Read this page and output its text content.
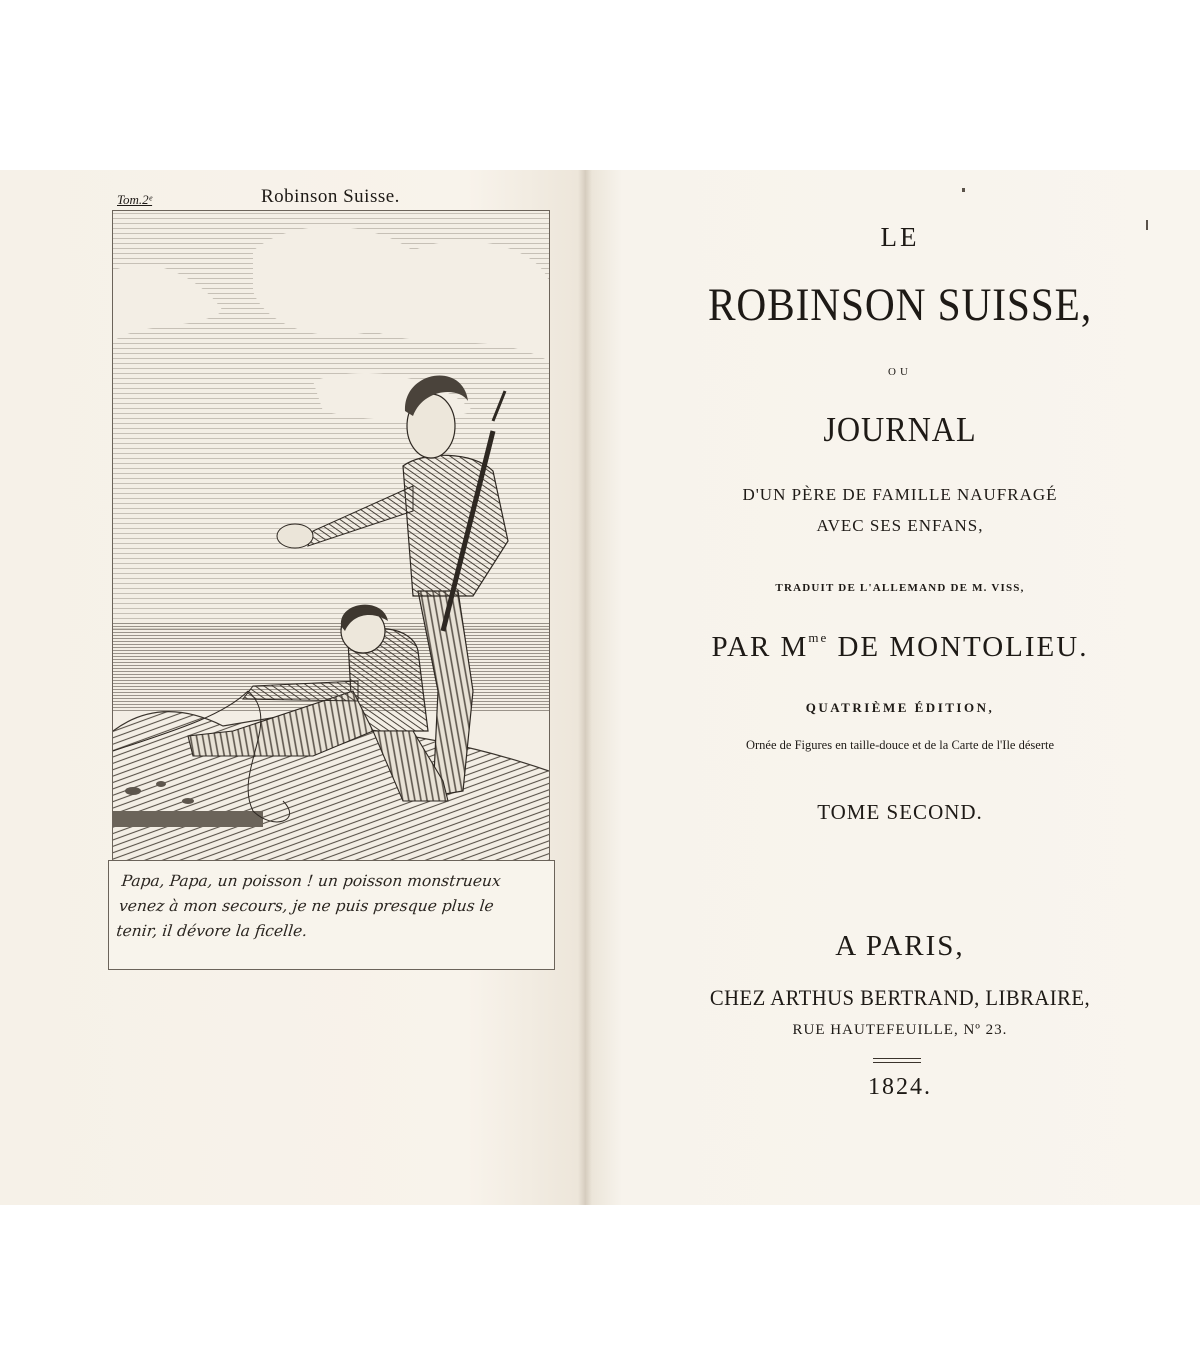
Tom.2ᵉ	Robinson Suisse.
Papa, Papa, un poisson ! un poisson monstrueux
venez à mon secours, je ne puis presque plus le
tenir, il dévore la ficelle.
LE
ROBINSON SUISSE,
OU
JOURNAL
D'UN PÈRE DE FAMILLE NAUFRAGÉ
AVEC SES ENFANS,
TRADUIT DE L'ALLEMAND DE M. VISS,
PAR $M^{me}$ DE MONTOLIEU.
QUATRIÈME ÉDITION,
Ornée de Figures en taille-douce et de la Carte de l'Ile déserte
TOME SECOND.
A PARIS,
CHEZ ARTHUS BERTRAND, LIBRAIRE,
RUE HAUTEFEUILLE, Nº 23.
1824.
